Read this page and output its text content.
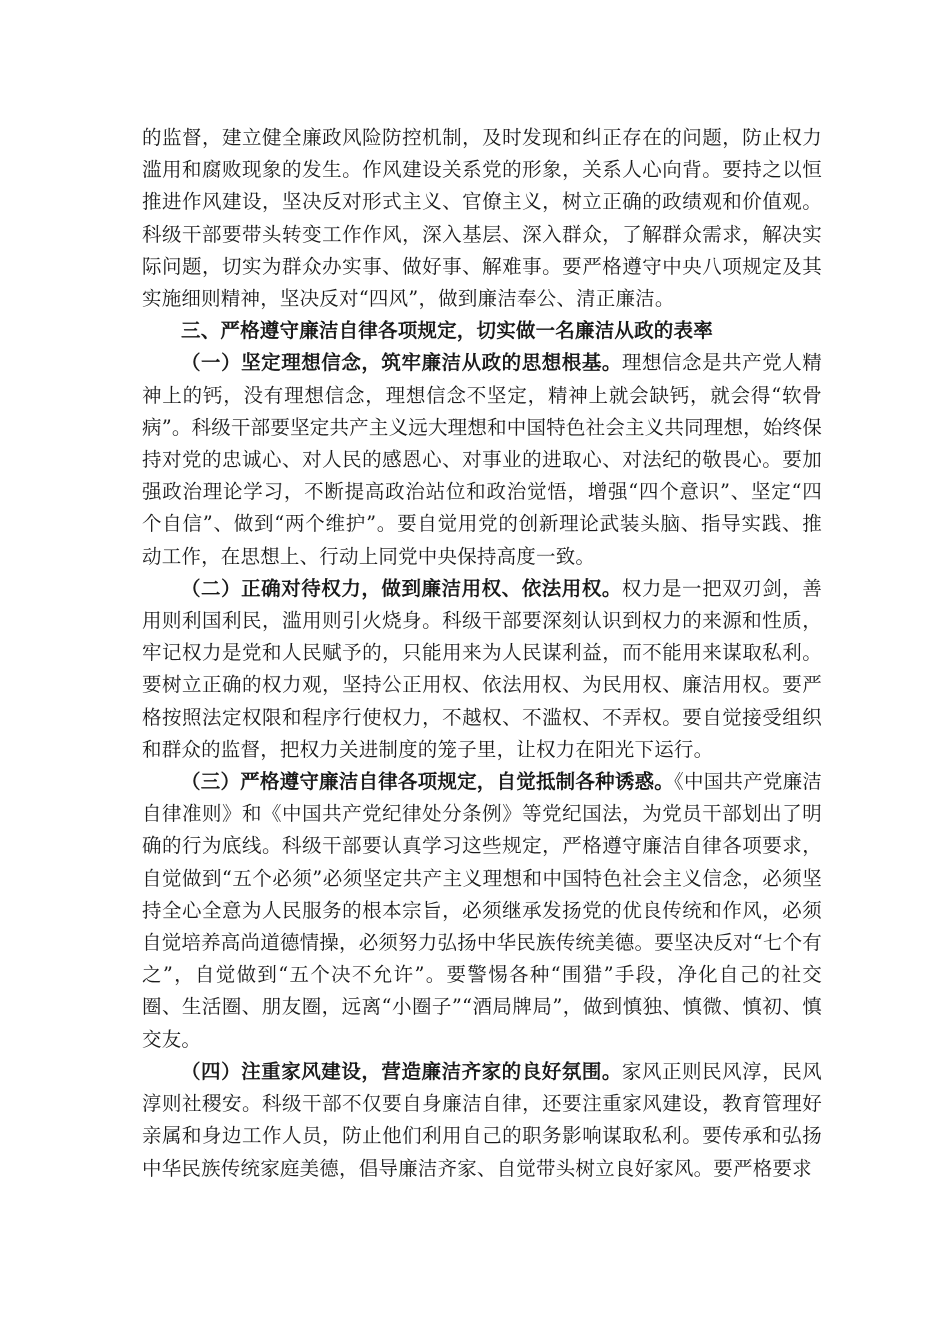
的监督，建立健全廉政风险防控机制，及时发现和纠正存在的问题，防止权力滥用和腐败现象的发生。作风建设关系党的形象，关系人心向背。要持之以恒推进作风建设，坚决反对形式主义、官僚主义，树立正确的政绩观和价值观。科级干部要带头转变工作作风，深入基层、深入群众，了解群众需求，解决实际问题，切实为群众办实事、做好事、解难事。要严格遵守中央八项规定及其实施细则精神，坚决反对“四风”，做到廉洁奉公、清正廉洁。

三、严格遵守廉洁自律各项规定，切实做一名廉洁从政的表率

（一）坚定理想信念，筑牢廉洁从政的思想根基。理想信念是共产党人精神上的钙，没有理想信念，理想信念不坚定，精神上就会缺钙，就会得“软骨病”。科级干部要坚定共产主义远大理想和中国特色社会主义共同理想，始终保持对党的忠诚心、对人民的感恩心、对事业的进取心、对法纪的敬畏心。要加强政治理论学习，不断提高政治站位和政治觉悟，增强“四个意识”、坚定“四个自信”、做到“两个维护”。要自觉用党的创新理论武装头脑、指导实践、推动工作，在思想上、行动上同党中央保持高度一致。

（二）正确对待权力，做到廉洁用权、依法用权。权力是一把双刃剑，善用则利国利民，滥用则引火烧身。科级干部要深刻认识到权力的来源和性质，牢记权力是党和人民赋予的，只能用来为人民谋利益，而不能用来谋取私利。要树立正确的权力观，坚持公正用权、依法用权、为民用权、廉洁用权。要严格按照法定权限和程序行使权力，不越权、不滥权、不弄权。要自觉接受组织和群众的监督，把权力关进制度的笼子里，让权力在阳光下运行。

（三）严格遵守廉洁自律各项规定，自觉抵制各种诱惑。《中国共产党廉洁自律准则》和《中国共产党纪律处分条例》等党纪国法，为党员干部划出了明确的行为底线。科级干部要认真学习这些规定，严格遵守廉洁自律各项要求，自觉做到“五个必须”必须坚定共产主义理想和中国特色社会主义信念，必须坚持全心全意为人民服务的根本宗旨，必须继承发扬党的优良传统和作风，必须自觉培养高尚道德情操，必须努力弘扬中华民族传统美德。要坚决反对“七个有之”，自觉做到“五个决不允许”。要警惕各种“围猎”手段，净化自己的社交圈、生活圈、朋友圈，远离“小圈子”“酒局牌局”，做到慎独、慎微、慎初、慎交友。

（四）注重家风建设，营造廉洁齐家的良好氛围。家风正则民风淳，民风淳则社稷安。科级干部不仅要自身廉洁自律，还要注重家风建设，教育管理好亲属和身边工作人员，防止他们利用自己的职务影响谋取私利。要传承和弘扬中华民族传统家庭美德，倡导廉洁齐家、自觉带头树立良好家风。要严格要求
